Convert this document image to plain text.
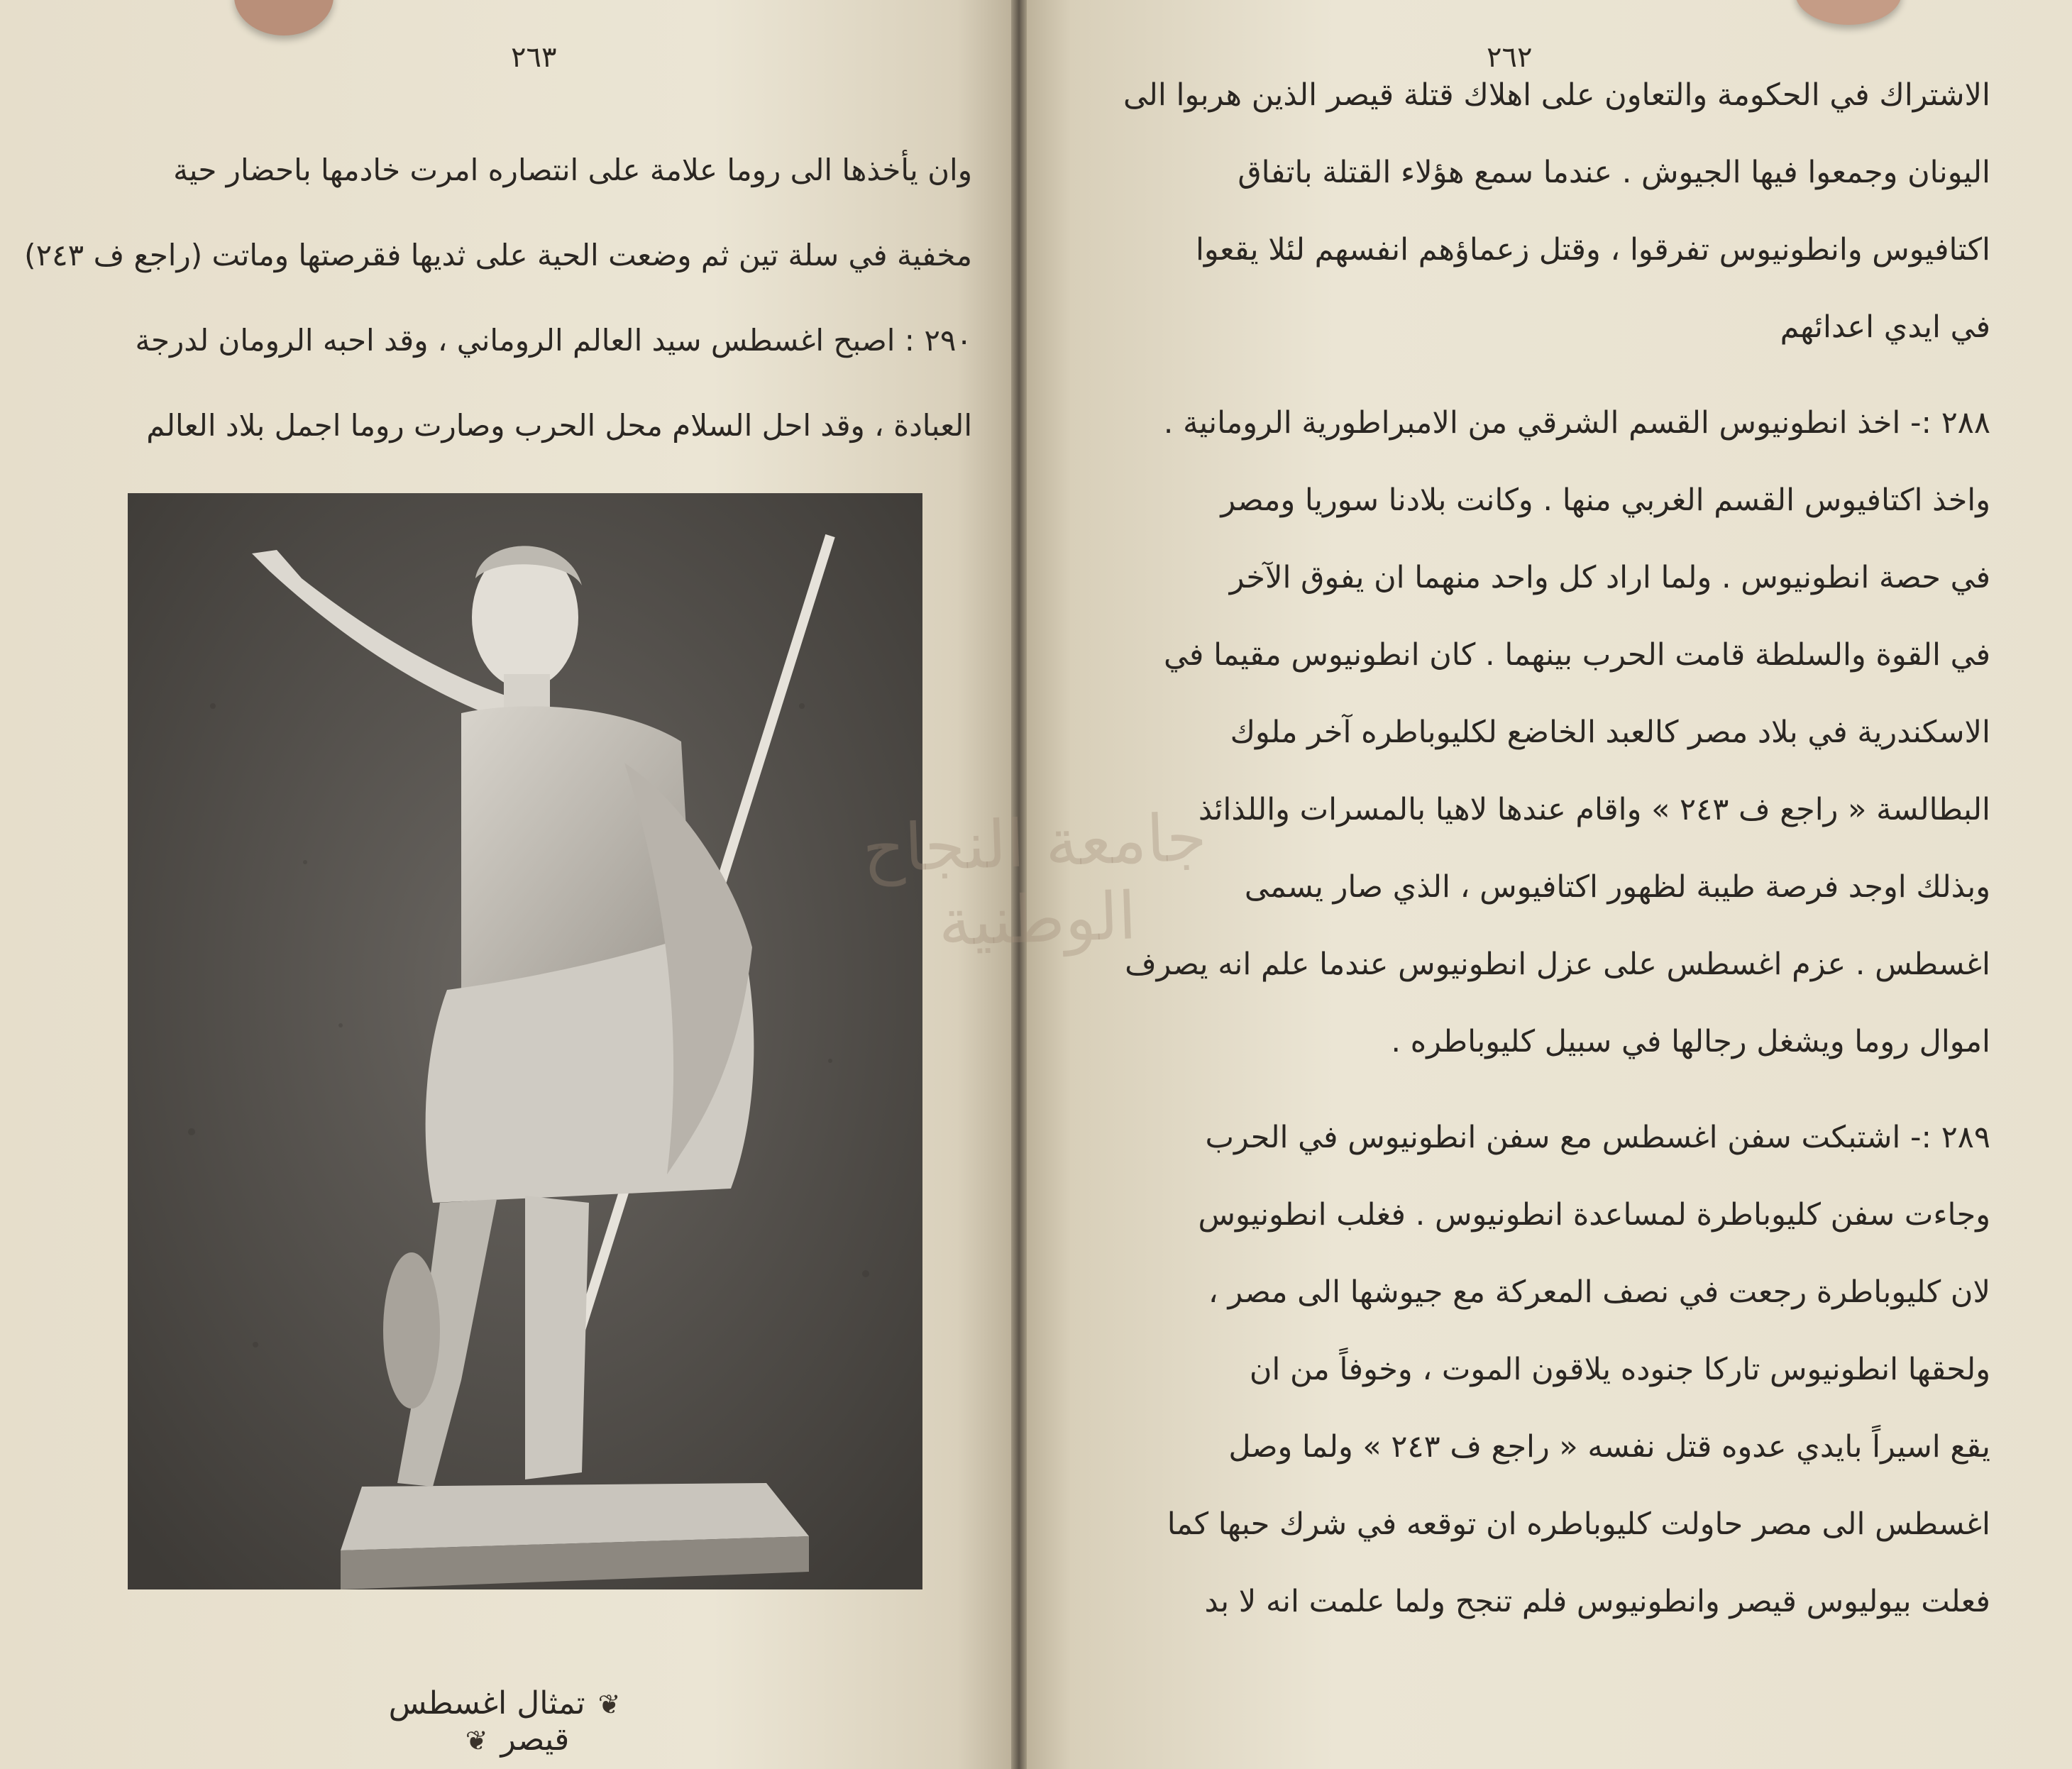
٢٦٣
وان يأخذها الى روما علامة على انتصاره امرت خادمها باحضار حية
مخفية في سلة تين ثم وضعت الحية على ثديها فقرصتها وماتت (راجع ف ٢٤٣)
٢٩٠ : اصبح اغسطس سيد العالم الروماني ، وقد احبه الرومان لدرجة
العبادة ، وقد احل السلام محل الحرب وصارت روما اجمل بلاد العالم
❦تمثال اغسطس قيصر❦
٢٦٢
الاشتراك في الحكومة والتعاون على اهلاك قتلة قيصر الذين هربوا الى
اليونان وجمعوا فيها الجيوش . عندما سمع هؤلاء القتلة باتفاق
اكتافيوس وانطونيوس تفرقوا ، وقتل زعماؤهم انفسهم لئلا يقعوا
في ايدي اعدائهم
٢٨٨ :- اخذ انطونيوس القسم الشرقي من الامبراطورية الرومانية .
واخذ اكتافيوس القسم الغربي منها . وكانت بلادنا سوريا ومصر
في حصة انطونيوس . ولما اراد كل واحد منهما ان يفوق الآخر
في القوة والسلطة قامت الحرب بينهما . كان انطونيوس مقيما في
الاسكندرية في بلاد مصر كالعبد الخاضع لكليوباطره آخر ملوك
البطالسة « راجع ف ٢٤٣ » واقام عندها لاهيا بالمسرات واللذائذ
وبذلك اوجد فرصة طيبة لظهور اكتافيوس ، الذي صار يسمى
اغسطس . عزم اغسطس على عزل انطونيوس عندما علم انه يصرف
اموال روما ويشغل رجالها في سبيل كليوباطره .
٢٨٩ :- اشتبكت سفن اغسطس مع سفن انطونيوس في الحرب
وجاءت سفن كليوباطرة لمساعدة انطونيوس . فغلب انطونيوس
لان كليوباطرة رجعت في نصف المعركة مع جيوشها الى مصر ،
ولحقها انطونيوس تاركا جنوده يلاقون الموت ، وخوفاً من ان
يقع اسيراً بايدي عدوه قتل نفسه « راجع ف ٢٤٣ » ولما وصل
اغسطس الى مصر حاولت كليوباطره ان توقعه في شرك حبها كما
فعلت بيوليوس قيصر وانطونيوس فلم تنجح ولما علمت انه لا بد
جامعة النجاح الوطنية
